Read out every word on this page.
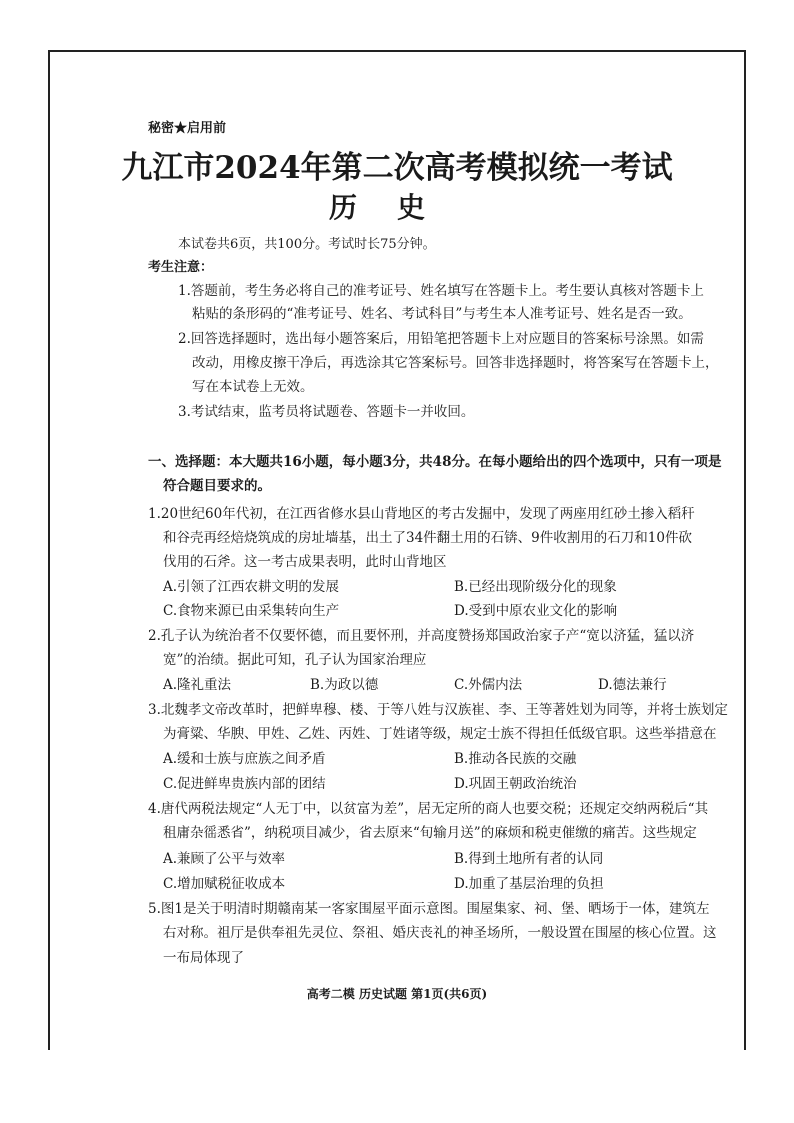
秘密★启用前
九江市2024年第二次高考模拟统一考试
历史
本试卷共6页，共100分。考试时长75分钟。
考生注意：
1.答题前，考生务必将自己的准考证号、姓名填写在答题卡上。考生要认真核对答题卡上
粘贴的条形码的“准考证号、姓名、考试科目”与考生本人准考证号、姓名是否一致。
2.回答选择题时，选出每小题答案后，用铅笔把答题卡上对应题目的答案标号涂黑。如需
改动，用橡皮擦干净后，再选涂其它答案标号。回答非选择题时，将答案写在答题卡上，
写在本试卷上无效。
3.考试结束，监考员将试题卷、答题卡一并收回。
一、选择题：本大题共16小题，每小题3分，共48分。在每小题给出的四个选项中，只有一项是
符合题目要求的。
1.20世纪60年代初，在江西省修水县山背地区的考古发掘中，发现了两座用红砂土掺入稻秆
和谷壳再经焙烧筑成的房址墙基，出土了34件翻土用的石锛、9件收割用的石刀和10件砍
伐用的石斧。这一考古成果表明，此时山背地区
A.引领了江西农耕文明的发展	B.已经出现阶级分化的现象
C.食物来源已由采集转向生产	D.受到中原农业文化的影响
2.孔子认为统治者不仅要怀德，而且要怀刑，并高度赞扬郑国政治家子产“宽以济猛，猛以济
宽”的治绩。据此可知，孔子认为国家治理应
A.隆礼重法	B.为政以德	C.外儒内法	D.德法兼行
3.北魏孝文帝改革时，把鲜卑穆、楼、于等八姓与汉族崔、李、王等著姓划为同等，并将士族划定
为膏粱、华腴、甲姓、乙姓、丙姓、丁姓诸等级，规定士族不得担任低级官职。这些举措意在
A.缓和士族与庶族之间矛盾	B.推动各民族的交融
C.促进鲜卑贵族内部的团结	D.巩固王朝政治统治
4.唐代两税法规定“人无丁中，以贫富为差”，居无定所的商人也要交税；还规定交纳两税后“其
租庸杂徭悉省”，纳税项目减少，省去原来“旬输月送”的麻烦和税吏催缴的痛苦。这些规定
A.兼顾了公平与效率	B.得到土地所有者的认同
C.增加赋税征收成本	D.加重了基层治理的负担
5.图1是关于明清时期赣南某一客家围屋平面示意图。围屋集家、祠、堡、晒场于一体，建筑左
右对称。祖厅是供奉祖先灵位、祭祖、婚庆丧礼的神圣场所，一般设置在围屋的核心位置。这
一布局体现了
高考二模 历史试题 第1页(共6页)
